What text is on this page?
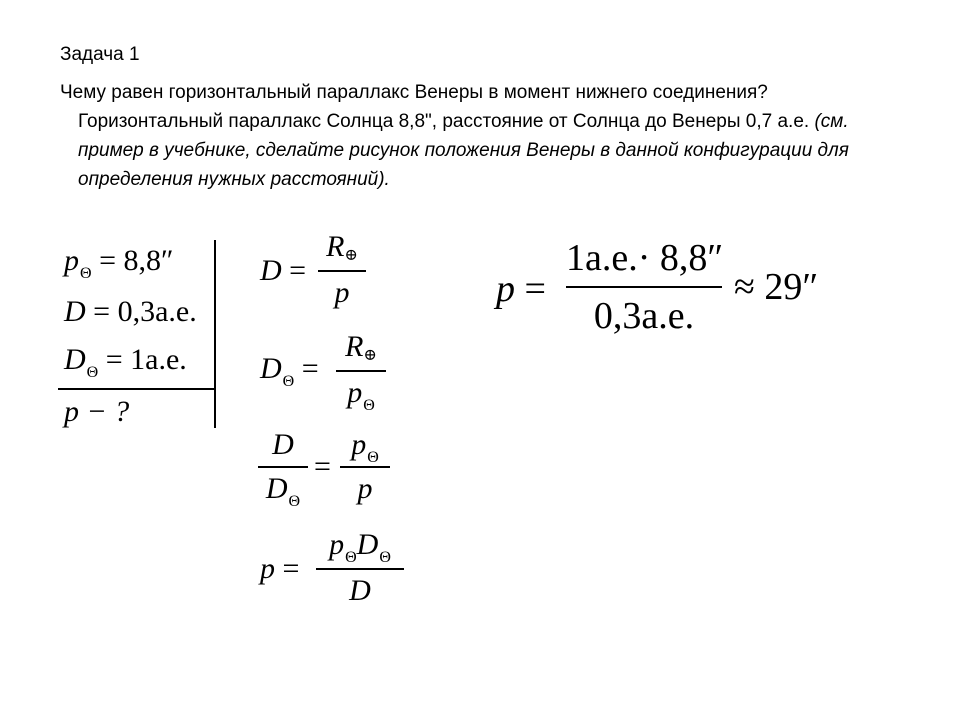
Задача 1
Чему равен горизонтальный параллакс Венеры в момент нижнего соединения? Горизонтальный параллакс Солнца 8,8", расстояние от Солнца до Венеры 0,7 а.е. (см. пример в учебнике, сделайте рисунок положения Венеры в данной конфигурации для определения нужных расстояний).
$p_\Theta = 8,8''$
D = 0,3а.е.
$D_\Theta = 1а.е$.
p − ?
D =
R⊕
p
$D_\Theta$ =
R⊕
$p_\Theta$
D
$D_\Theta$
=
$p_\Theta$
p
p =
$p_\Theta D_\Theta$
D
p =
1а.е.· 8,8″
0,3а.е.
≈ 29″
